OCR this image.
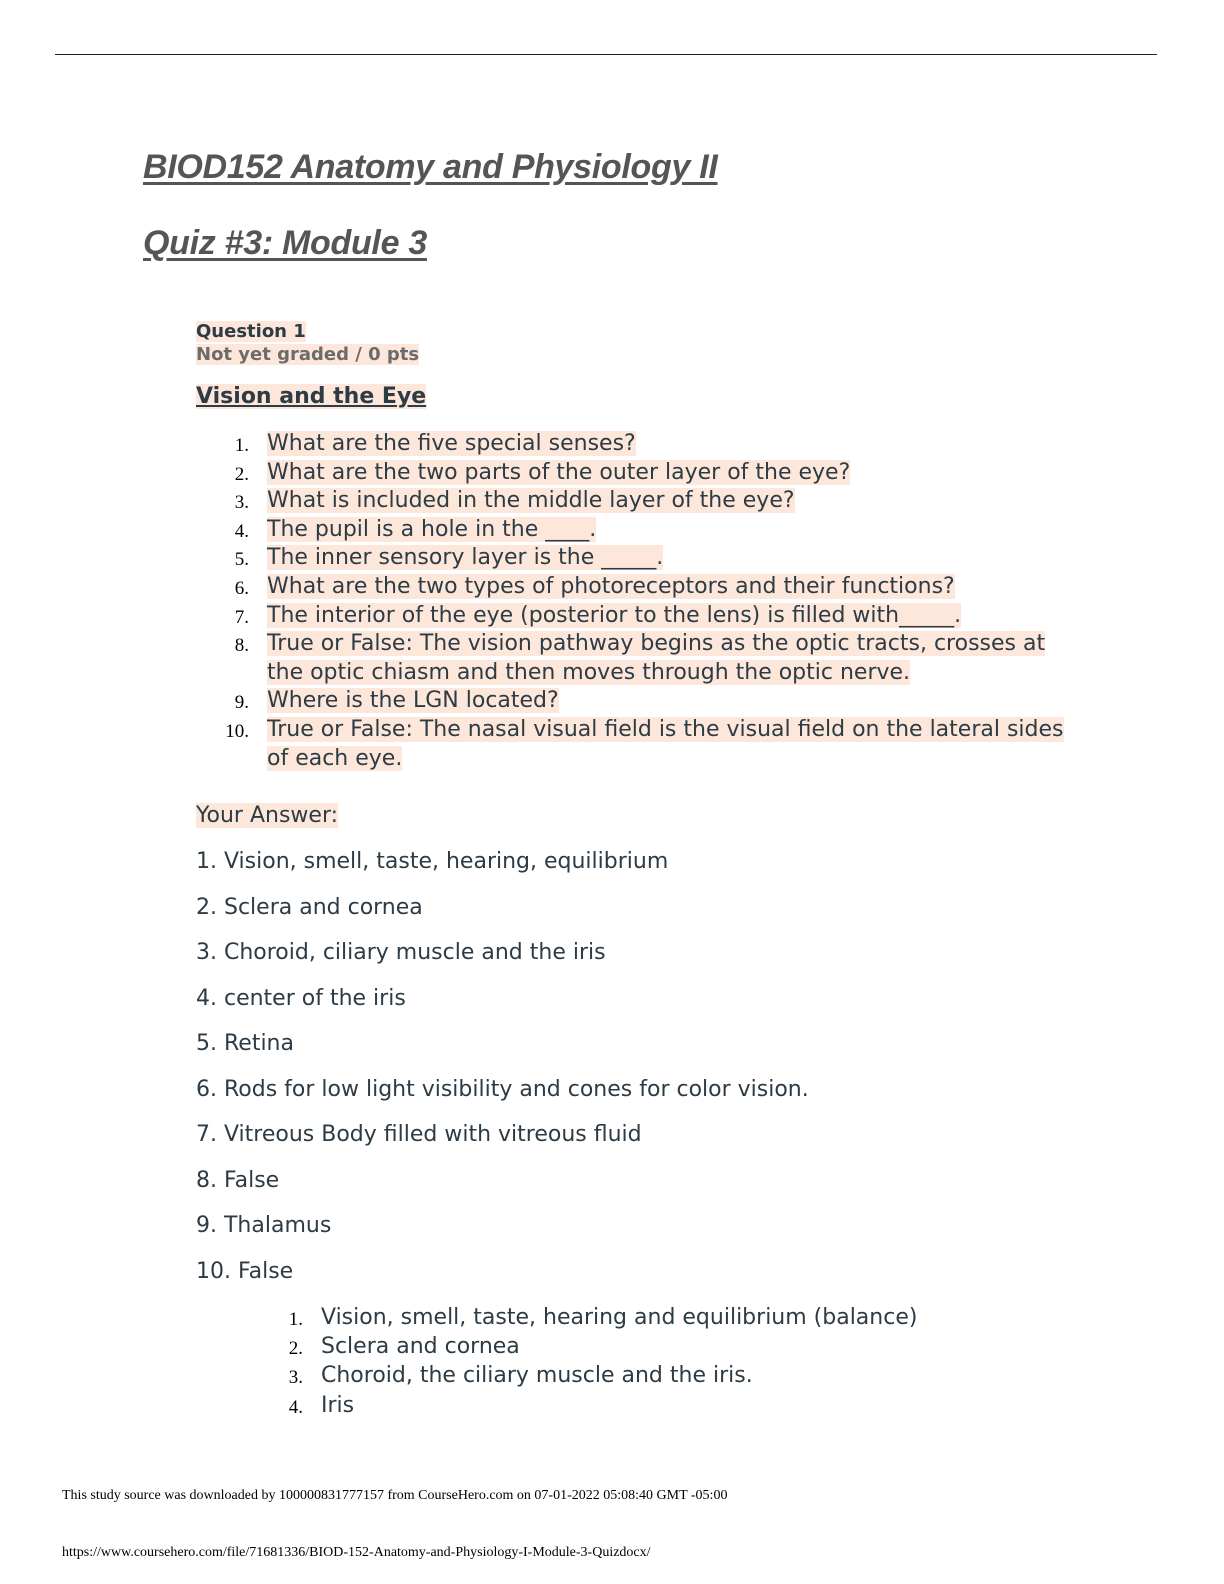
BIOD152 Anatomy and Physiology II
Quiz #3: Module 3
Question 1
Not yet graded / 0 pts
Vision and the Eye
1. What are the five special senses?
2. What are the two parts of the outer layer of the eye?
3. What is included in the middle layer of the eye?
4. The pupil is a hole in the ____.
5. The inner sensory layer is the _____.
6. What are the two types of photoreceptors and their functions?
7. The interior of the eye (posterior to the lens) is filled with_____.
8. True or False: The vision pathway begins as the optic tracts, crosses at the optic chiasm and then moves through the optic nerve.
9. Where is the LGN located?
10. True or False: The nasal visual field is the visual field on the lateral sides of each eye.
Your Answer:
1. Vision, smell, taste, hearing, equilibrium
2. Sclera and cornea
3. Choroid, ciliary muscle and the iris
4. center of the iris
5. Retina
6. Rods for low light visibility and cones for color vision.
7. Vitreous Body filled with vitreous fluid
8. False
9. Thalamus
10. False
1. Vision, smell, taste, hearing and equilibrium (balance)
2. Sclera and cornea
3. Choroid, the ciliary muscle and the iris.
4. Iris
This study source was downloaded by 100000831777157 from CourseHero.com on 07-01-2022 05:08:40 GMT -05:00
https://www.coursehero.com/file/71681336/BIOD-152-Anatomy-and-Physiology-I-Module-3-Quizdocx/
